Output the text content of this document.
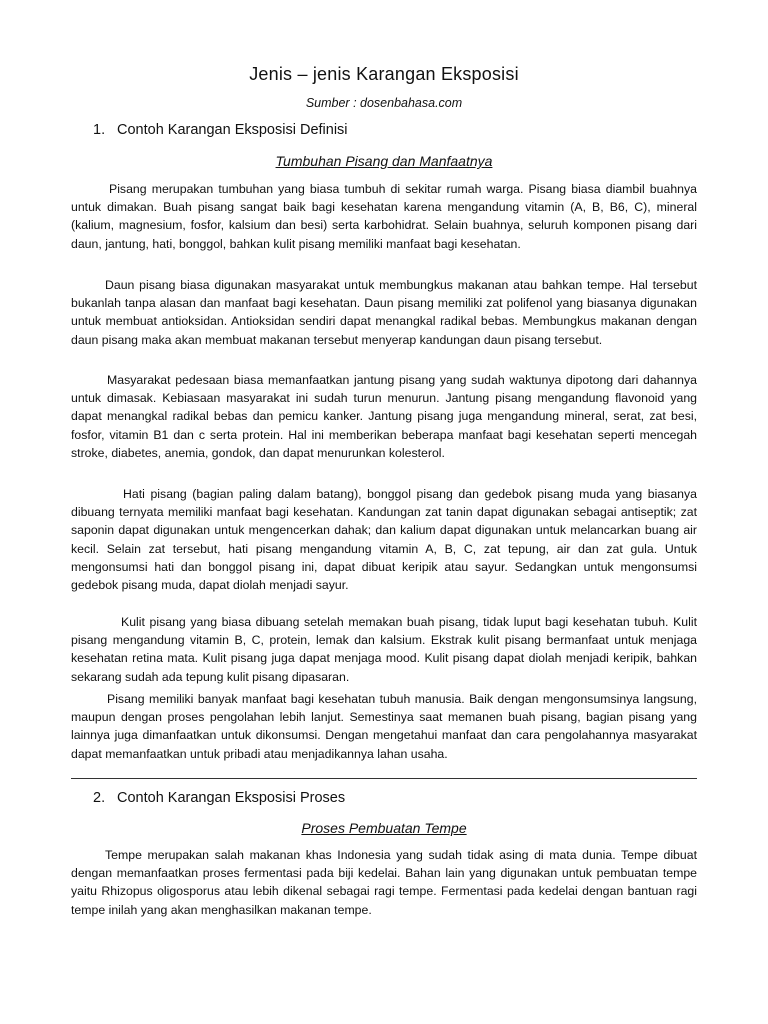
Jenis – jenis Karangan Eksposisi
Sumber : dosenbahasa.com
1. Contoh Karangan Eksposisi Definisi
Tumbuhan Pisang dan Manfaatnya

Pisang merupakan tumbuhan yang biasa tumbuh di sekitar rumah warga. Pisang biasa diambil buahnya untuk dimakan. Buah pisang sangat baik bagi kesehatan karena mengandung vitamin (A, B, B6, C), mineral (kalium, magnesium, fosfor, kalsium dan besi) serta karbohidrat. Selain buahnya, seluruh komponen pisang dari daun, jantung, hati, bonggol, bahkan kulit pisang memiliki manfaat bagi kesehatan.

Daun pisang biasa digunakan masyarakat untuk membungkus makanan atau bahkan tempe. Hal tersebut bukanlah tanpa alasan dan manfaat bagi kesehatan. Daun pisang memiliki zat polifenol yang biasanya digunakan untuk membuat antioksidan. Antioksidan sendiri dapat menangkal radikal bebas. Membungkus makanan dengan daun pisang maka akan membuat makanan tersebut menyerap kandungan daun pisang tersebut.

Masyarakat pedesaan biasa memanfaatkan jantung pisang yang sudah waktunya dipotong dari dahannya untuk dimasak. Kebiasaan masyarakat ini sudah turun menurun. Jantung pisang mengandung flavonoid yang dapat menangkal radikal bebas dan pemicu kanker. Jantung pisang juga mengandung mineral, serat, zat besi, fosfor, vitamin B1 dan c serta protein. Hal ini memberikan beberapa manfaat bagi kesehatan seperti mencegah stroke, diabetes, anemia, gondok, dan dapat menurunkan kolesterol.

Hati pisang (bagian paling dalam batang), bonggol pisang dan gedebok pisang muda yang biasanya dibuang ternyata memiliki manfaat bagi kesehatan. Kandungan zat tanin dapat digunakan sebagai antiseptik; zat saponin dapat digunakan untuk mengencerkan dahak; dan kalium dapat digunakan untuk melancarkan buang air kecil. Selain zat tersebut, hati pisang mengandung vitamin A, B, C, zat tepung, air dan zat gula. Untuk mengonsumsi hati dan bonggol pisang ini, dapat dibuat keripik atau sayur. Sedangkan untuk mengonsumsi gedebok pisang muda, dapat diolah menjadi sayur.

Kulit pisang yang biasa dibuang setelah memakan buah pisang, tidak luput bagi kesehatan tubuh. Kulit pisang mengandung vitamin B, C, protein, lemak dan kalsium. Ekstrak kulit pisang bermanfaat untuk menjaga kesehatan retina mata. Kulit pisang juga dapat menjaga mood. Kulit pisang dapat diolah menjadi keripik, bahkan sekarang sudah ada tepung kulit pisang dipasaran.

Pisang memiliki banyak manfaat bagi kesehatan tubuh manusia. Baik dengan mengonsumsinya langsung, maupun dengan proses pengolahan lebih lanjut. Semestinya saat memanen buah pisang, bagian pisang yang lainnya juga dimanfaatkan untuk dikonsumsi. Dengan mengetahui manfaat dan cara pengolahannya masyarakat dapat memanfaatkan untuk pribadi atau menjadikannya lahan usaha.

2. Contoh Karangan Eksposisi Proses
Proses Pembuatan Tempe

Tempe merupakan salah makanan khas Indonesia yang sudah tidak asing di mata dunia. Tempe dibuat dengan memanfaatkan proses fermentasi pada biji kedelai. Bahan lain yang digunakan untuk pembuatan tempe yaitu Rhizopus oligosporus atau lebih dikenal sebagai ragi tempe. Fermentasi pada kedelai dengan bantuan ragi tempe inilah yang akan menghasilkan makanan tempe.
